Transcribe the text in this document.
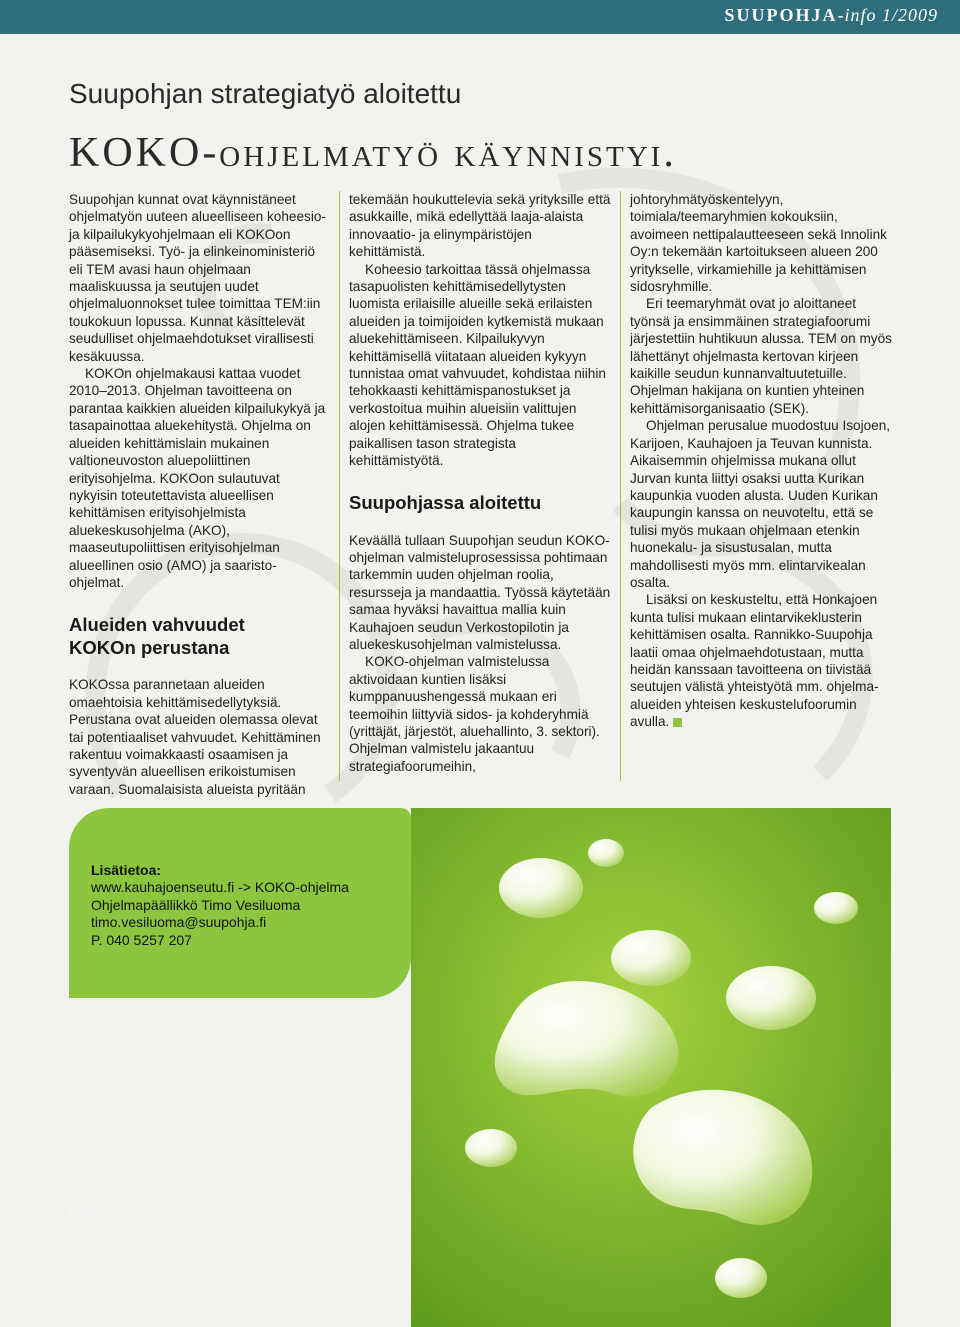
SUUPOHJA-info 1/2009
Suupohjan strategiatyö aloitettu
KOKO-ohjelmatyö käynnistyi.

Suupohjan kunnat ovat käynnistäneet ohjelmatyön uuteen alueelliseen koheesio- ja kilpailukykyohjelmaan eli KOKOon pääsemiseksi. Työ- ja elinkeinoministeriö eli TEM avasi haun ohjelmaan maaliskuussa ja seutujen uudet ohjelmaluonnokset tulee toimittaa TEM:iin toukokuun lopussa. Kunnat käsittelevät seudulliset ohjelmaehdotukset virallisesti kesäkuussa.

KOKOn ohjelmakausi kattaa vuodet 2010–2013. Ohjelman tavoitteena on parantaa kaikkien alueiden kilpailukykyä ja tasapainottaa aluekehitystä. Ohjelma on alueiden kehittämislain mukainen valtioneuvoston aluepoliittinen erityisohjelma. KOKOon sulautuvat nykyisin toteutettavista alueellisen kehittämisen erityisohjelmista aluekeskusohjelma (AKO), maaseutupoliittisen erityisohjelman alueellinen osio (AMO) ja saaristo-ohjelmat.

Alueiden vahvuudet KOKOn perustana

KOKOssa parannetaan alueiden omaehtoisia kehittämisedellytyksiä. Perustana ovat alueiden olemassa olevat tai potentiaaliset vahvuudet. Kehittäminen rakentuu voimakkaasti osaamisen ja syventyvän alueellisen erikoistumisen varaan. Suomalaisista alueista pyritään

tekemään houkuttelevia sekä yrityksille että asukkaille, mikä edellyttää laaja-alaista innovaatio- ja elinympäristöjen kehittämistä.

Koheesio tarkoittaa tässä ohjelmassa tasapuolisten kehittämisedellytysten luomista erilaisille alueille sekä erilaisten alueiden ja toimijoiden kytkemistä mukaan aluekehittämiseen. Kilpailukyvyn kehittämisellä viitataan alueiden kykyyn tunnistaa omat vahvuudet, kohdistaa niihin tehokkaasti kehittämispanostukset ja verkostoitua muihin alueisiin valittujen alojen kehittämisessä. Ohjelma tukee paikallisen tason strategista kehittämistyötä.

Suupohjassa aloitettu

Keväällä tullaan Suupohjan seudun KOKO-ohjelman valmisteluprosessissa pohtimaan tarkemmin uuden ohjelman roolia, resursseja ja mandaattia. Työssä käytetään samaa hyväksi havaittua mallia kuin Kauhajoen seudun Verkostopilotin ja aluekeskusohjelman valmistelussa.

KOKO-ohjelman valmistelussa aktivoidaan kuntien lisäksi kumppanuushengessä mukaan eri teemoihin liittyviä sidos- ja kohderyhmiä (yrittäjät, järjestöt, aluehallinto, 3. sektori). Ohjelman valmistelu jakaantuu strategiafoorumeihin,

johtoryhmätyöskentelyyn, toimiala/teemaryhmien kokouksiin, avoimeen nettipalautteeseen sekä Innolink Oy:n tekemään kartoitukseen alueen 200 yritykselle, virkamiehille ja kehittämisen sidosryhmille.

Eri teemaryhmät ovat jo aloittaneet työnsä ja ensimmäinen strategiafoorumi järjestettiin huhtikuun alussa. TEM on myös lähettänyt ohjelmasta kertovan kirjeen kaikille seudun kunnanvaltuutetuille. Ohjelman hakijana on kuntien yhteinen kehittämisorganisaatio (SEK).

Ohjelman perusalue muodostuu Isojoen, Karijoen, Kauhajoen ja Teuvan kunnista. Aikaisemmin ohjelmissa mukana ollut Jurvan kunta liittyi osaksi uutta Kurikan kaupunkia vuoden alusta. Uuden Kurikan kaupungin kanssa on neuvoteltu, että se tulisi myös mukaan ohjelmaan etenkin huonekalu- ja sisustusalan, mutta mahdollisesti myös mm. elintarvikealan osalta.

Lisäksi on keskusteltu, että Honkajoen kunta tulisi mukaan elintarvikeklusterin kehittämisen osalta. Rannikko-Suupohja laatii omaa ohjelmaehdotustaan, mutta heidän kanssaan tavoitteena on tiivistää seutujen välistä yhteistyötä mm. ohjelma-alueiden yhteisen keskustelufoorumin avulla.

Lisätietoa:
www.kauhajoenseutu.fi -> KOKO-ohjelma
Ohjelmapäällikkö Timo Vesiluoma
timo.vesiluoma@suupohja.fi
P. 040 5257 207
Nikkarikeskus
